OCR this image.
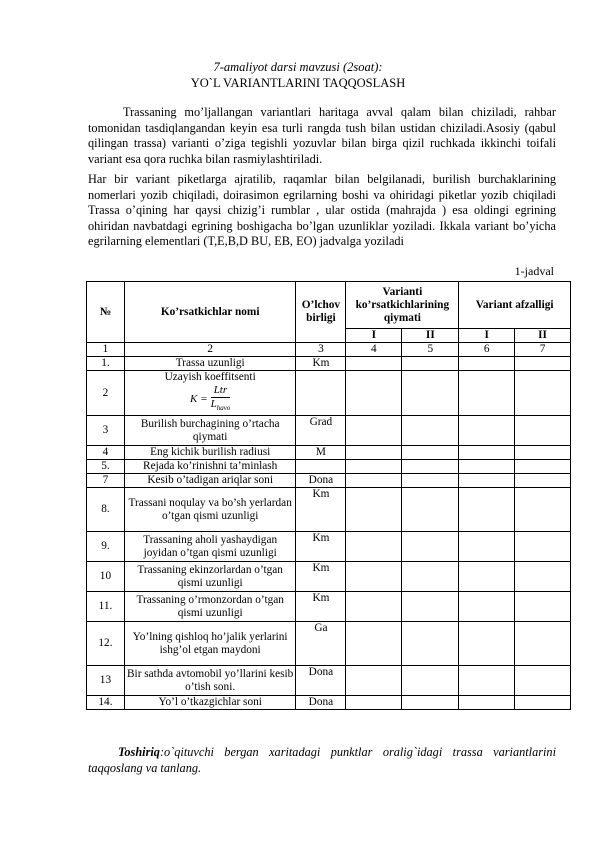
7-amaliyot darsi mavzusi (2soat):
YO`L VARIANTLARINI TAQQOSLASH
Trassaning mo’ljallangan variantlari haritaga avval qalam bilan chiziladi, rahbar tomonidan tasdiqlangandan keyin esa turli rangda tush bilan ustidan chiziladi.Asosiy (qabul qilingan trassa) varianti o’ziga tegishli yozuvlar bilan birga qizil ruchkada ikkinchi toifali variant esa qora ruchka bilan rasmiylashtiriladi.
Har bir variant piketlarga ajratilib, raqamlar bilan belgilanadi, burilish burchaklarining nomerlari yozib chiqiladi, doirasimon egrilarning boshi va ohiridagi piketlar yozib chiqiladi Trassa o’qining har qaysi chizig’i rumblar , ular ostida (mahrajda ) esa oldingi egrining ohiridan navbatdagi egrining boshigacha bo’lgan uzunliklar yoziladi. Ikkala variant bo’yicha egrilarning elementlari (T,E,B,D BU, EB, EO) jadvalga yoziladi
1-jadval
№	Ko’rsatkichlar nomi	O’lchov birligi	Varianti ko’rsatkichlarining qiymati		Variant afzalligi	
			I	II	I	II
1	2	3	4	5	6	7
1.	Trassa uzunligi	Km				
2	Uzayish koeffitsenti
$K = \frac{\text{Ltr}}{L_{havo}}$

3	Burilish burchagining o’rtacha qiymati	Grad				
4	Eng kichik burilish radiusi	M				
5.	Rejada ko’rinishni ta’minlash					
7	Kesib o’tadigan ariqlar soni	Dona				
8.	Trassani noqulay va bo’sh yerlardan o’tgan qismi uzunligi	Km				
9.	Trassaning aholi yashaydigan joyidan o’tgan qismi uzunligi	Km				
10	Trassaning ekinzorlardan o’tgan qismi uzunligi	Km				
11.	Trassaning o’rmonzordan o’tgan qismi uzunligi	Km				
12.	Yo’lning qishloq ho’jalik yerlarini ishg’ol etgan maydoni	Ga				
13	Bir sathda avtomobil yo’llarini kesib o’tish soni.	Dona				
14.	Yo’l o’tkazgichlar soni	Dona				
Toshiriq:o`qituvchi bergan xaritadagi punktlar oralig`idagi trassa variantlarini taqqoslang va tanlang.
